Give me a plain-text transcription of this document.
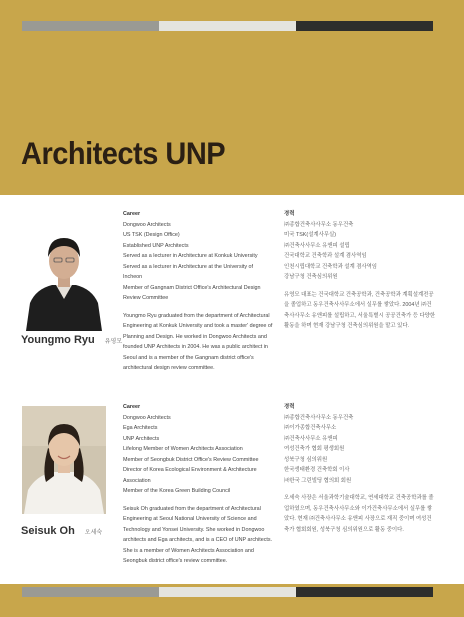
Architects UNP
Youngmo Ryu 유영모
Career
Dongwoo Architects
US TSK (Design Office)
Established UNP Architects
Served as a lecturer in Architecture at Konkuk University
Served as a lecturer in Architecture at the University of Incheon
Member of Gangnam District Office's Architectural Design Review Committee
Youngmo Ryu graduated from the department of Architectural Engineering at Konkuk University and took a master' degree of Planning and Design. He worked in Dongwoo Architects and founded UNP Architects in 2004. He was a public architect in Seoul and is a member of the Gangnam district office's architectural design review committee.
경력
㈜종합건축사사무소 동우건축
미국 TSK(설계사무실)
㈜건축사사무소 유앤피 설립
건국대학교 건축학과 설계 겸사역임
인천시립대학교 건축학과 설계 겸사역임
강남구청 건축심의위원
유영모 대표는 건국대학교 건축공학과, 건축공학과 계획설계전공을 졸업하고 동우건축사사무소에서 실무를 쌓았다. 2004년 ㈜건축사사무소 유앤피를 설립하고, 서울특별시 공공건축가 등 다양한 활동을 하며 현재 강남구청 건축심의위원을 맡고 있다.
Seisuk Oh 오세숙
Career
Dongwoo Architects
Ega Architects
UNP Architects
Lifelong Member of Women Architects Association
Member of Seongbuk District Office's Review Committee
Director of Korea Ecological Environment & Architecture Association
Member of the Korea Green Building Council
Seisuk Oh graduated from the department of Architectural Engineering at Seoul National University of Science and Technology and Yonsei University. She worked in Dongwoo architects and Ega architects, and is a CEO of UNP architects. She is a member of Women Architects Association and Seongbuk district office's review committee.
경력
㈜종합건축사사무소 동우건축
㈜이가종합건축사무소
㈜건축사사무소 유앤피
여성건축가 협회 평생회원
성북구청 심의위원
한국생태환경 건축학회 이사
㈔한국 그린빌딩 협의회 회원
오세숙 사장은 서울과학기술대학교, 연세대학교 건축공학과를 졸업하였으며, 동우건축사사무소와 이가건축사무소에서 실무를 쌓았다. 현재 ㈜건축사사무소 유앤피 사장으로 재직 중이며 여성건축가 협회회원, 성북구청 심의위원으로 활동 중이다.
